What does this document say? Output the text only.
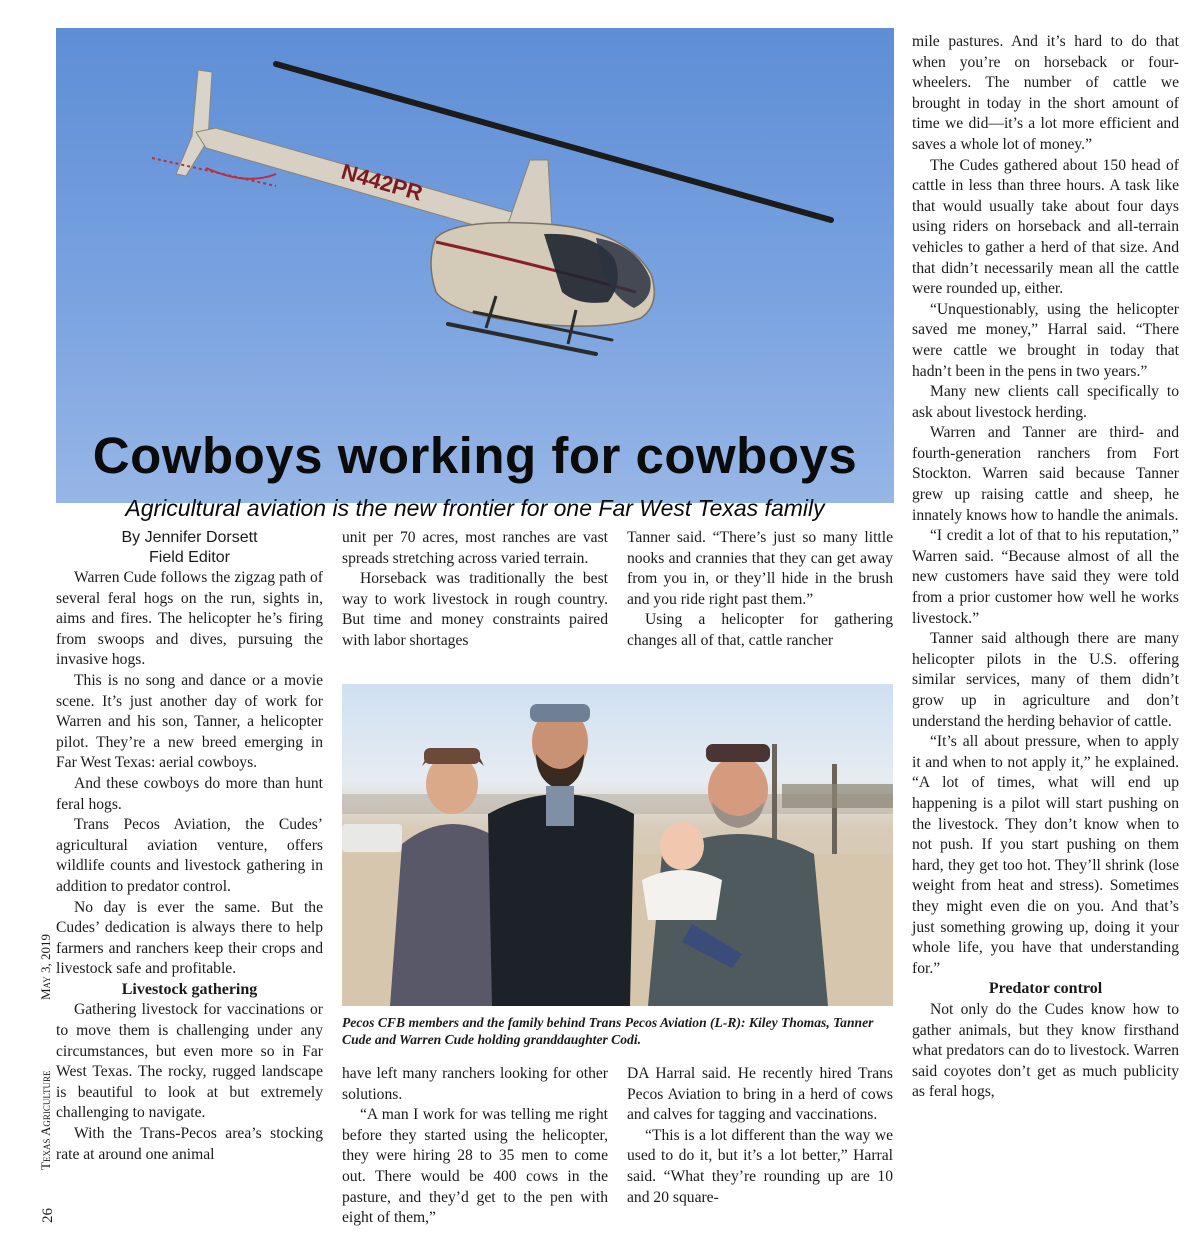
N442PR
Cowboys working for cowboys
Agricultural aviation is the new frontier for one Far West Texas family
By Jennifer Dorsett
Field Editor

Warren Cude follows the zigzag path of several feral hogs on the run, sights in, aims and fires. The helicopter he’s firing from swoops and dives, pursuing the invasive hogs.

This is no song and dance or a movie scene. It’s just another day of work for Warren and his son, Tanner, a helicopter pilot. They’re a new breed emerging in Far West Texas: aerial cowboys.

And these cowboys do more than hunt feral hogs.

Trans Pecos Aviation, the Cudes’ agricultural aviation venture, offers wildlife counts and livestock gathering in addition to predator control.

No day is ever the same. But the Cudes’ dedication is always there to help farmers and ranchers keep their crops and livestock safe and profitable.

Livestock gathering

Gathering livestock for vaccinations or to move them is challenging under any circumstances, but even more so in Far West Texas. The rocky, rugged landscape is beautiful to look at but extremely challenging to navigate.

With the Trans-Pecos area’s stocking rate at around one animal

unit per 70 acres, most ranches are vast spreads stretching across varied terrain.

Horseback was traditionally the best way to work livestock in rough country. But time and money constraints paired with labor shortages

Tanner said. “There’s just so many little nooks and crannies that they can get away from you in, or they’ll hide in the brush and you ride right past them.”

Using a helicopter for gathering changes all of that, cattle rancher

Pecos CFB members and the family behind Trans Pecos Aviation (L-R): Kiley Thomas, Tanner Cude and Warren Cude holding granddaughter Codi.

have left many ranchers looking for other solutions.

“A man I work for was telling me right before they started using the helicopter, they were hiring 28 to 35 men to come out. There would be 400 cows in the pasture, and they’d get to the pen with eight of them,”

DA Harral said. He recently hired Trans Pecos Aviation to bring in a herd of cows and calves for tagging and vaccinations.

“This is a lot different than the way we used to do it, but it’s a lot better,” Harral said. “What they’re rounding up are 10 and 20 square-

mile pastures. And it’s hard to do that when you’re on horseback or four-wheelers. The number of cattle we brought in today in the short amount of time we did—it’s a lot more efficient and saves a whole lot of money.”

The Cudes gathered about 150 head of cattle in less than three hours. A task like that would usually take about four days using riders on horseback and all-terrain vehicles to gather a herd of that size. And that didn’t necessarily mean all the cattle were rounded up, either.

“Unquestionably, using the helicopter saved me money,” Harral said. “There were cattle we brought in today that hadn’t been in the pens in two years.”

Many new clients call specifically to ask about livestock herding.

Warren and Tanner are third- and fourth-generation ranchers from Fort Stockton. Warren said because Tanner grew up raising cattle and sheep, he innately knows how to handle the animals.

“I credit a lot of that to his reputation,” Warren said. “Because almost of all the new customers have said they were told from a prior customer how well he works livestock.”

Tanner said although there are many helicopter pilots in the U.S. offering similar services, many of them didn’t grow up in agriculture and don’t understand the herding behavior of cattle.

“It’s all about pressure, when to apply it and when to not apply it,” he explained. “A lot of times, what will end up happening is a pilot will start pushing on the livestock. They don’t know when to not push. If you start pushing on them hard, they get too hot. They’ll shrink (lose weight from heat and stress). Sometimes they might even die on you. And that’s just something growing up, doing it your whole life, you have that understanding for.”

Predator control

Not only do the Cudes know how to gather animals, but they know firsthand what predators can do to livestock. Warren said coyotes don’t get as much publicity as feral hogs,

May 3, 2019
Texas Agriculture
26
